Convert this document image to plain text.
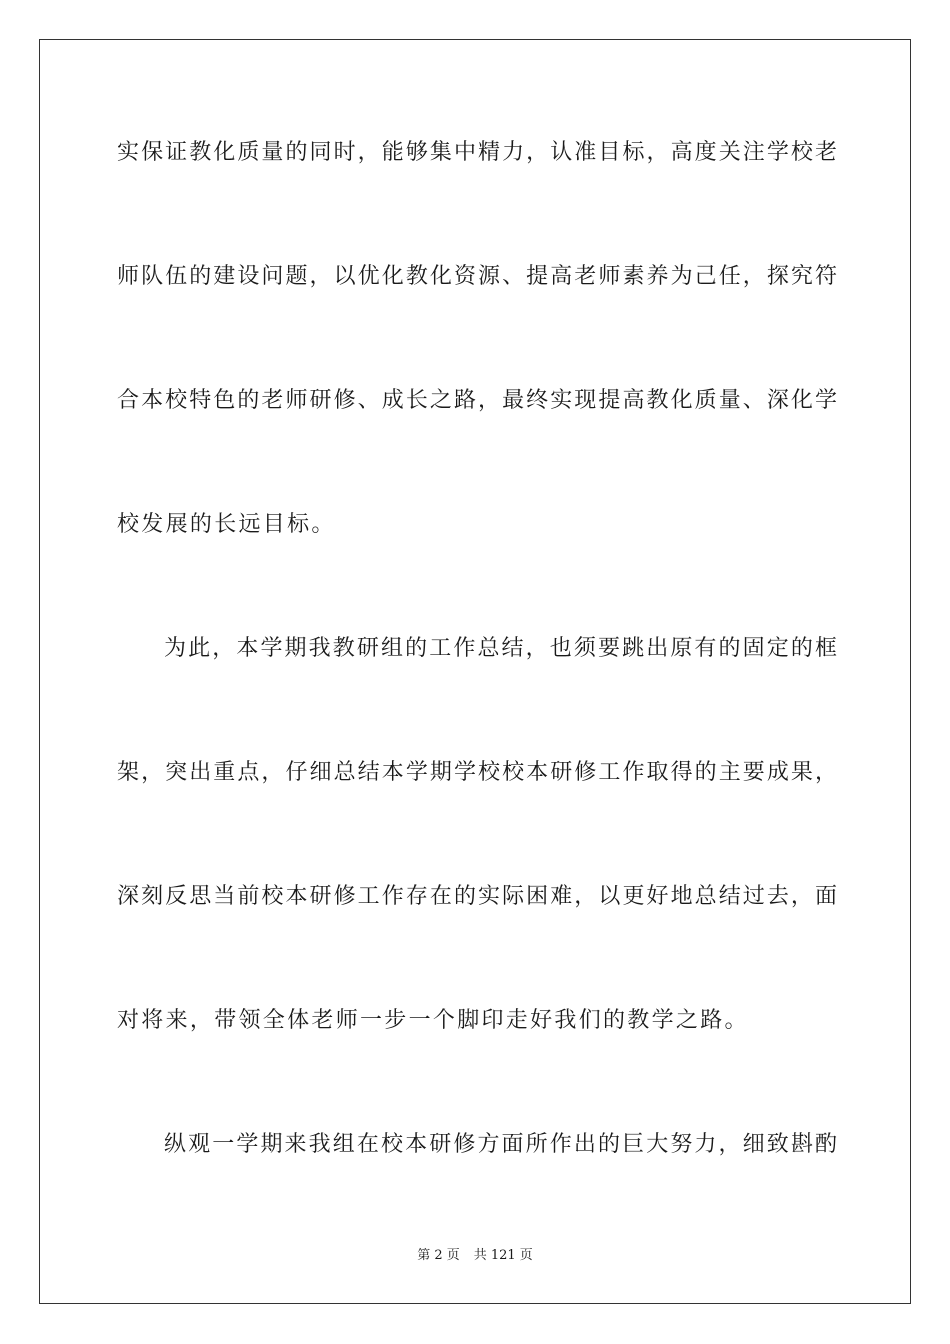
实保证教化质量的同时，能够集中精力，认准目标，高度关注学校老
师队伍的建设问题，以优化教化资源、提高老师素养为己任，探究符
合本校特色的老师研修、成长之路，最终实现提高教化质量、深化学
校发展的长远目标。
为此，本学期我教研组的工作总结，也须要跳出原有的固定的框
架，突出重点，仔细总结本学期学校校本研修工作取得的主要成果，
深刻反思当前校本研修工作存在的实际困难，以更好地总结过去，面
对将来，带领全体老师一步一个脚印走好我们的教学之路。
纵观一学期来我组在校本研修方面所作出的巨大努力，细致斟酌
第 2 页 共 121 页
